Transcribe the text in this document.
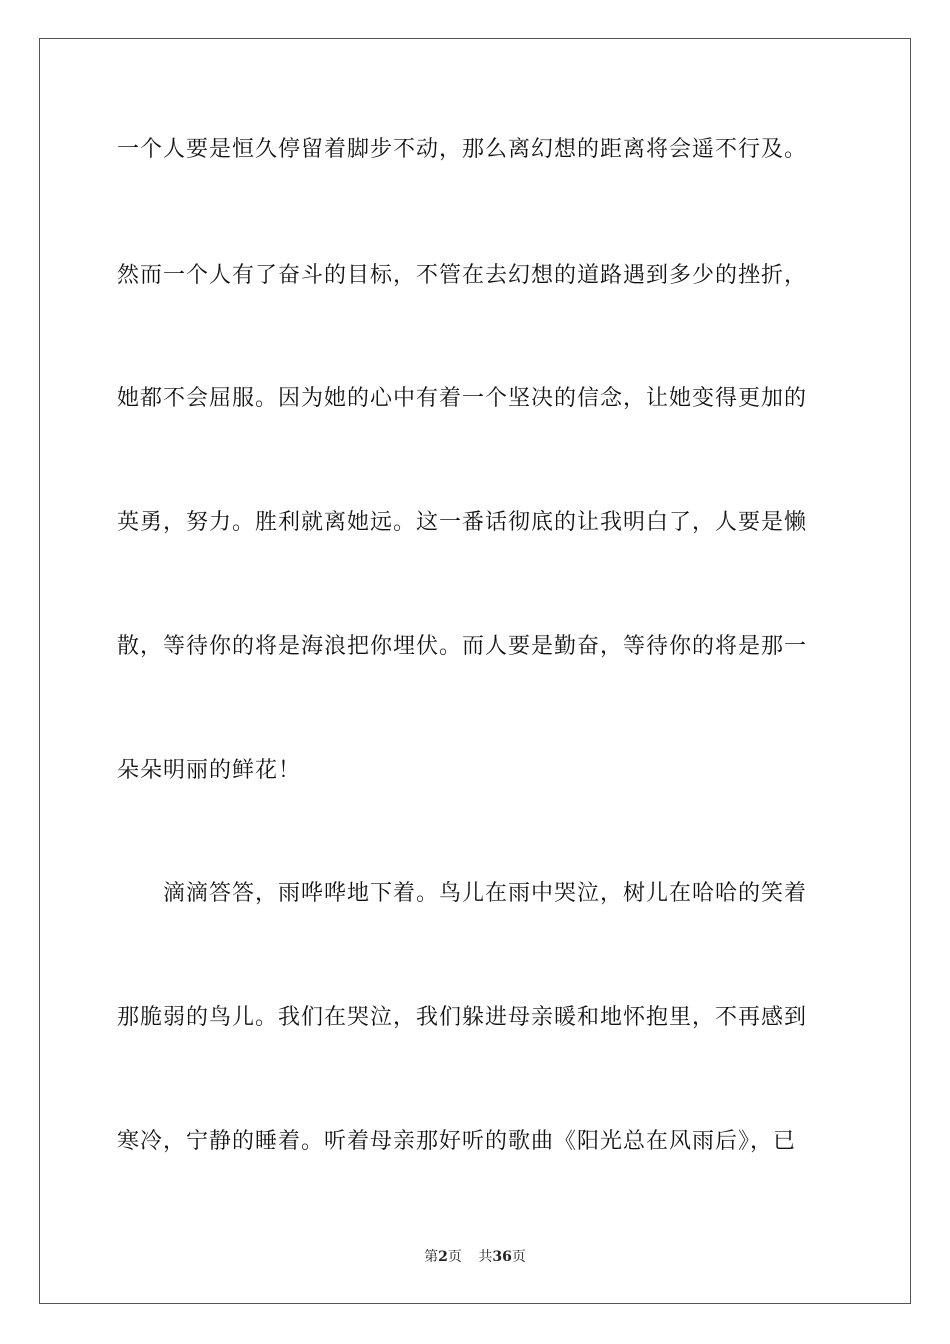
一个人要是恒久停留着脚步不动，那么离幻想的距离将会遥不行及。
然而一个人有了奋斗的目标，不管在去幻想的道路遇到多少的挫折，
她都不会屈服。因为她的心中有着一个坚决的信念，让她变得更加的
英勇，努力。胜利就离她远。这一番话彻底的让我明白了，人要是懒
散，等待你的将是海浪把你埋伏。而人要是勤奋，等待你的将是那一
朵朵明丽的鲜花！
滴滴答答，雨哗哗地下着。鸟儿在雨中哭泣，树儿在哈哈的笑着
那脆弱的鸟儿。我们在哭泣，我们躲进母亲暖和地怀抱里，不再感到
寒冷，宁静的睡着。听着母亲那好听的歌曲《阳光总在风雨后》，已
第2页 共36页
